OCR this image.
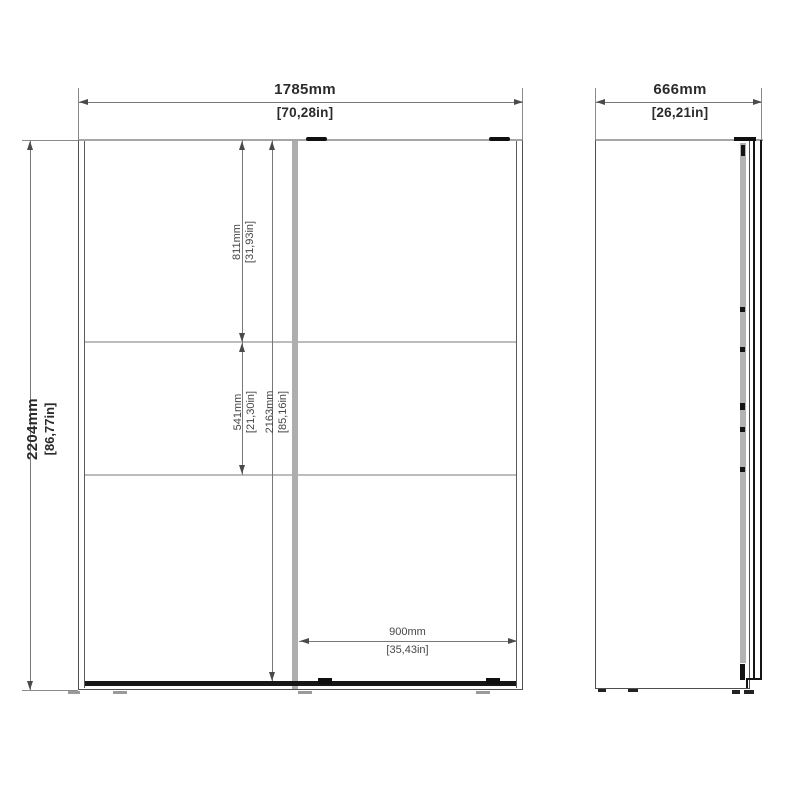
1785mm
[70,28in]
2204mm [86,77in]
811mm [31,93in]
541mm [21,30in] 2163mm [85,16in]
900mm
[35,43in]
666mm
[26,21in]
